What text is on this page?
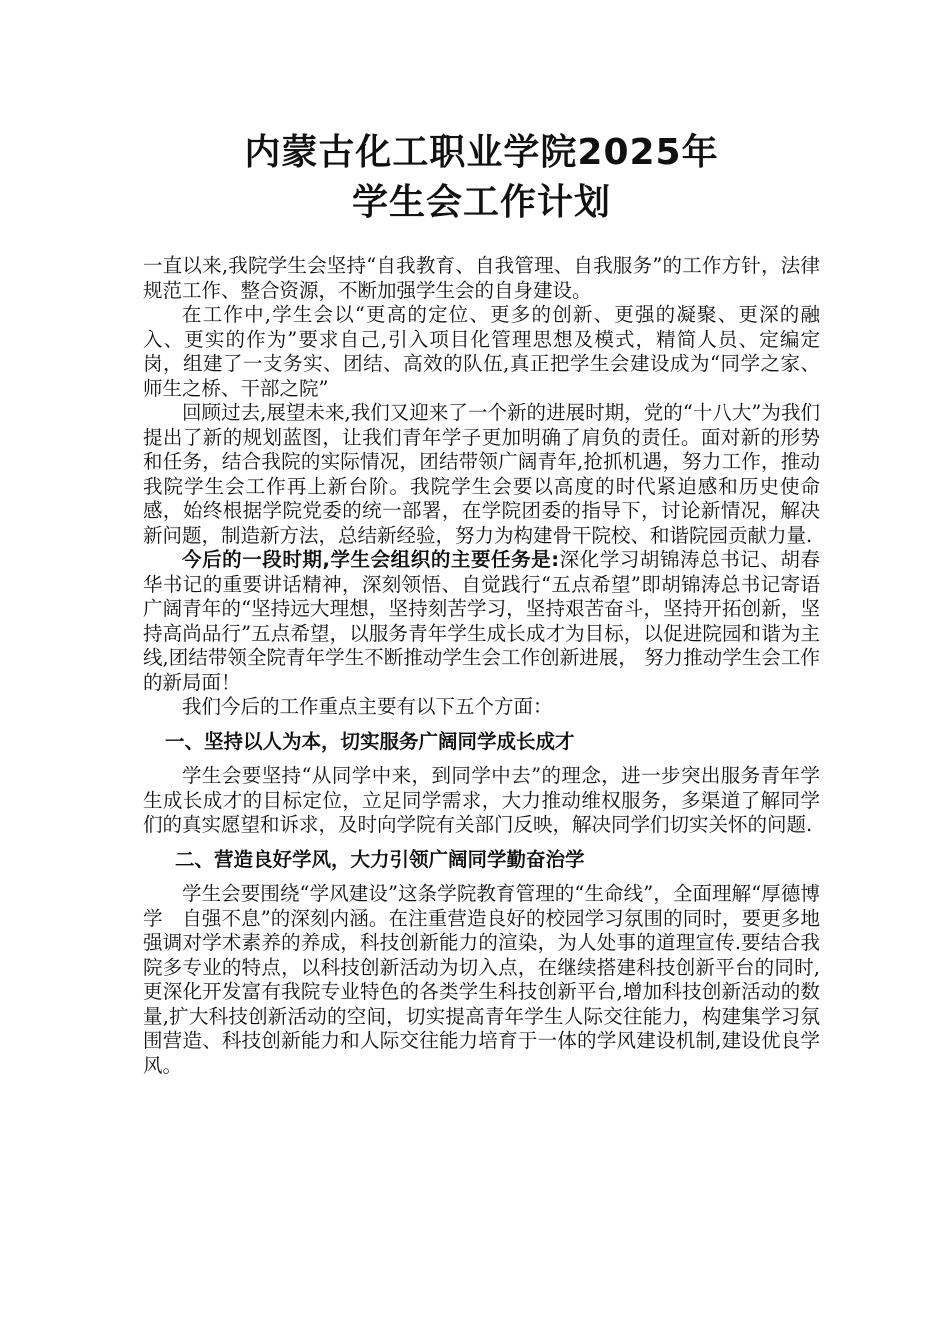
内蒙古化工职业学院2025年
学生会工作计划

一直以来,我院学生会坚持“自我教育、自我管理、自我服务”的工作方针，法律规范工作、整合资源，不断加强学生会的自身建设。

在工作中,学生会以“更高的定位、更多的创新、更强的凝聚、更深的融入、更实的作为”要求自己,引入项目化管理思想及模式，精简人员、定编定岗，组建了一支务实、团结、高效的队伍,真正把学生会建设成为“同学之家、师生之桥、干部之院”

回顾过去,展望未来,我们又迎来了一个新的进展时期，党的“十八大”为我们提出了新的规划蓝图，让我们青年学子更加明确了肩负的责任。面对新的形势和任务，结合我院的实际情况，团结带领广阔青年,抢抓机遇，努力工作，推动我院学生会工作再上新台阶。我院学生会要以高度的时代紧迫感和历史使命感，始终根据学院党委的统一部署，在学院团委的指导下，讨论新情况，解决新问题，制造新方法，总结新经验，努力为构建骨干院校、和谐院园贡献力量.

今后的一段时期,学生会组织的主要任务是:深化学习胡锦涛总书记、胡春华书记的重要讲话精神，深刻领悟、自觉践行“五点希望”即胡锦涛总书记寄语广阔青年的“坚持远大理想，坚持刻苦学习，坚持艰苦奋斗，坚持开拓创新，坚持高尚品行”五点希望，以服务青年学生成长成才为目标，以促进院园和谐为主线,团结带领全院青年学生不断推动学生会工作创新进展， 努力推动学生会工作的新局面！

我们今后的工作重点主要有以下五个方面：

一、坚持以人为本，切实服务广阔同学成长成才

学生会要坚持“从同学中来，到同学中去”的理念，进一步突出服务青年学生成长成才的目标定位，立足同学需求，大力推动维权服务，多渠道了解同学们的真实愿望和诉求，及时向学院有关部门反映，解决同学们切实关怀的问题.

二、营造良好学风，大力引领广阔同学勤奋治学

学生会要围绕“学风建设”这条学院教育管理的“生命线”，全面理解“厚德博学　自强不息”的深刻内涵。在注重营造良好的校园学习氛围的同时，要更多地强调对学术素养的养成，科技创新能力的渲染，为人处事的道理宣传.要结合我院多专业的特点，以科技创新活动为切入点，在继续搭建科技创新平台的同时,更深化开发富有我院专业特色的各类学生科技创新平台,增加科技创新活动的数量,扩大科技创新活动的空间，切实提高青年学生人际交往能力，构建集学习氛围营造、科技创新能力和人际交往能力培育于一体的学风建设机制,建设优良学风。
